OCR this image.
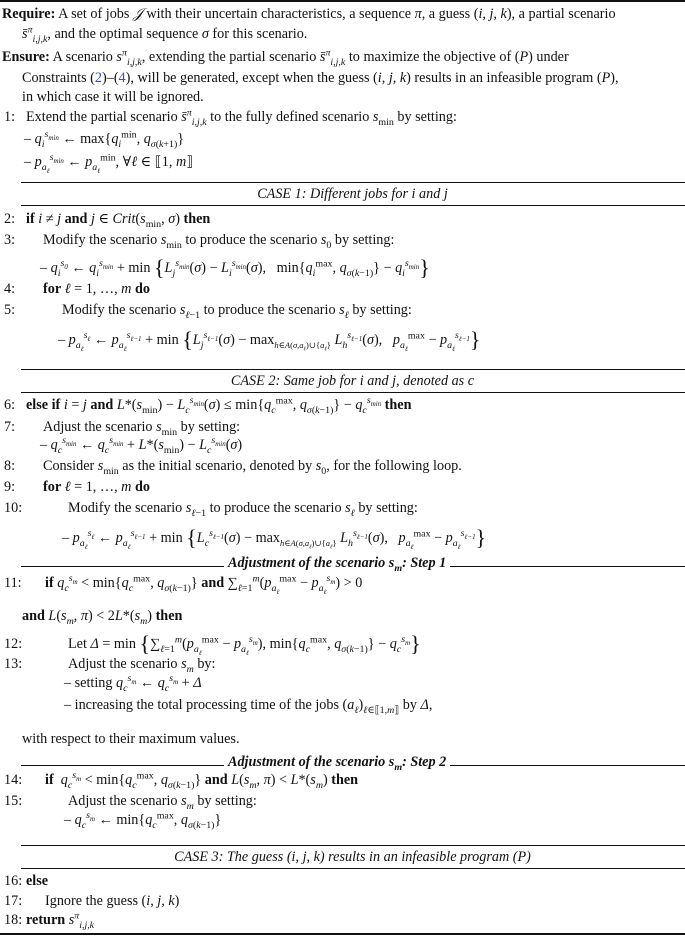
Require: A set of jobs 𝒥 with their uncertain characteristics, a sequence π, a guess (i, j, k), a partial scenario
s̄$^\pi_{i,j,k}$, and the optimal sequence σ for this scenario.
Ensure: A scenario $s^\pi_{i,j,k}$, extending the partial scenario s̄$^\pi_{i,j,k}$ to maximize the objective of (P) under
Constraints (2)–(4), will be generated, except when the guess (i, j, k) results in an infeasible program (P),
in which case it will be ignored.
1: Extend the partial scenario s̄$^\pi_{i,j,k}$ to the fully defined scenario $s_{min}$ by setting:
– $q_i^{s_{min}}$ ← $\max\{q_i^{min}$, $q_{\sigma(k+1)}$}
– $p_{a_\ell}^{s_{min}}$ ← $p_{a_\ell}^{min}$, ∀ℓ ∈ ⟦1, m⟧
CASE 1: Different jobs for i and j
2: if i ≠ j and j ∈ $Crit(s_{min}$, σ) then
3: Modify the scenario $s_{min}$ to produce the scenario $s_0$ by setting:
– $q_i^{s_0}$ ← $q_i^{s_{min}} + \min \{L_j^{s_{min}}(\sigma) - L_i^{s_{min}}(\sigma)$,   $\min\{q_i^{max}$, $q_{\sigma(k-1)}\} - q_i^{s_{min}}$}
4: for ℓ = 1, …, m do
5:	Modify the scenario $s_{\ell-1}$ to produce the scenario $s_\ell$ by setting:
– $p_{a_\ell}^{s_\ell}$ ← $p_{a_\ell}^{s_{\ell-1}} + \min \{L_j^{s_{\ell-1}}(\sigma) - \max_{h\in A(\sigma,a_\ell)\cup\{a_\ell\}} L_h^{s_{\ell-1}}(\sigma)$,   $p_{a_\ell}^{max} - p_{a_\ell}^{s_{\ell-1}}$}
CASE 2: Same job for i and j, denoted as c
6: else if i = j and $L*(s_{min}) - L_c^{s_{min}}(\sigma) \le \min\{q_c^{max}$, $q_{\sigma(k-1)}\} - q_c^{s_{min}}$ then
7: Adjust the scenario $s_{min}$ by setting:
– $q_c^{s_{min}}$ ← $q_c^{s_{min}} + L*(s_{min}) - L_c^{s_{min}}(\sigma)$
8: Consider $s_{min}$ as the initial scenario, denoted by $s_0$, for the following loop.
9: for ℓ = 1, …, m do
10:	Modify the scenario $s_{\ell-1}$ to produce the scenario $s_\ell$ by setting:
– $p_{a_\ell}^{s_\ell}$ ← $p_{a_\ell}^{s_{\ell-1}} + \min \{L_c^{s_{\ell-1}}(\sigma) - \max_{h\in A(\sigma,a_\ell)\cup\{a_\ell\}} L_h^{s_{\ell-1}}(\sigma)$,   $p_{a_\ell}^{max} - p_{a_\ell}^{s_{\ell-1}}$}
Adjustment of the scenario $s_m$: Step 1
11: if $q_c^{s_m} < \min\{q_c^{max}$, $q_{\sigma(k-1)}$} and $\sum_{\ell=1}^m(p_{a_\ell}^{max} - p_{a_\ell}^{s_m}) > 0$
and $L(s_m$, $\pi) < 2L*(s_m)$ then
12:	Let $\Delta = \min \{\sum_{\ell=1}^m(p_{a_\ell}^{max} - p_{a_\ell}^{s_m})$, $\min\{q_c^{max}$, $q_{\sigma(k-1)}\} - q_c^{s_m}$}
13:	Adjust the scenario $s_m$ by:
– setting $q_c^{s_m}$ ← $q_c^{s_m} + \Delta$
– increasing the total processing time of the jobs $(a_\ell)_{\ell\in⟦1,m⟧}$ by Δ,
with respect to their maximum values.
Adjustment of the scenario $s_m$: Step 2
14: if $q_c^{s_m} < \min\{q_c^{max}$, $q_{\sigma(k-1)}$} and $L(s_m$, $\pi) < L*(s_m)$ then
15:	Adjust the scenario $s_m$ by setting:
– $q_c^{s_m}$ ← $\min\{q_c^{max}$, $q_{\sigma(k-1)}$}
CASE 3: The guess (i, j, k) results in an infeasible program (P)
16: else
17: Ignore the guess (i, j, k)
18: return $s^\pi_{i,j,k}$
